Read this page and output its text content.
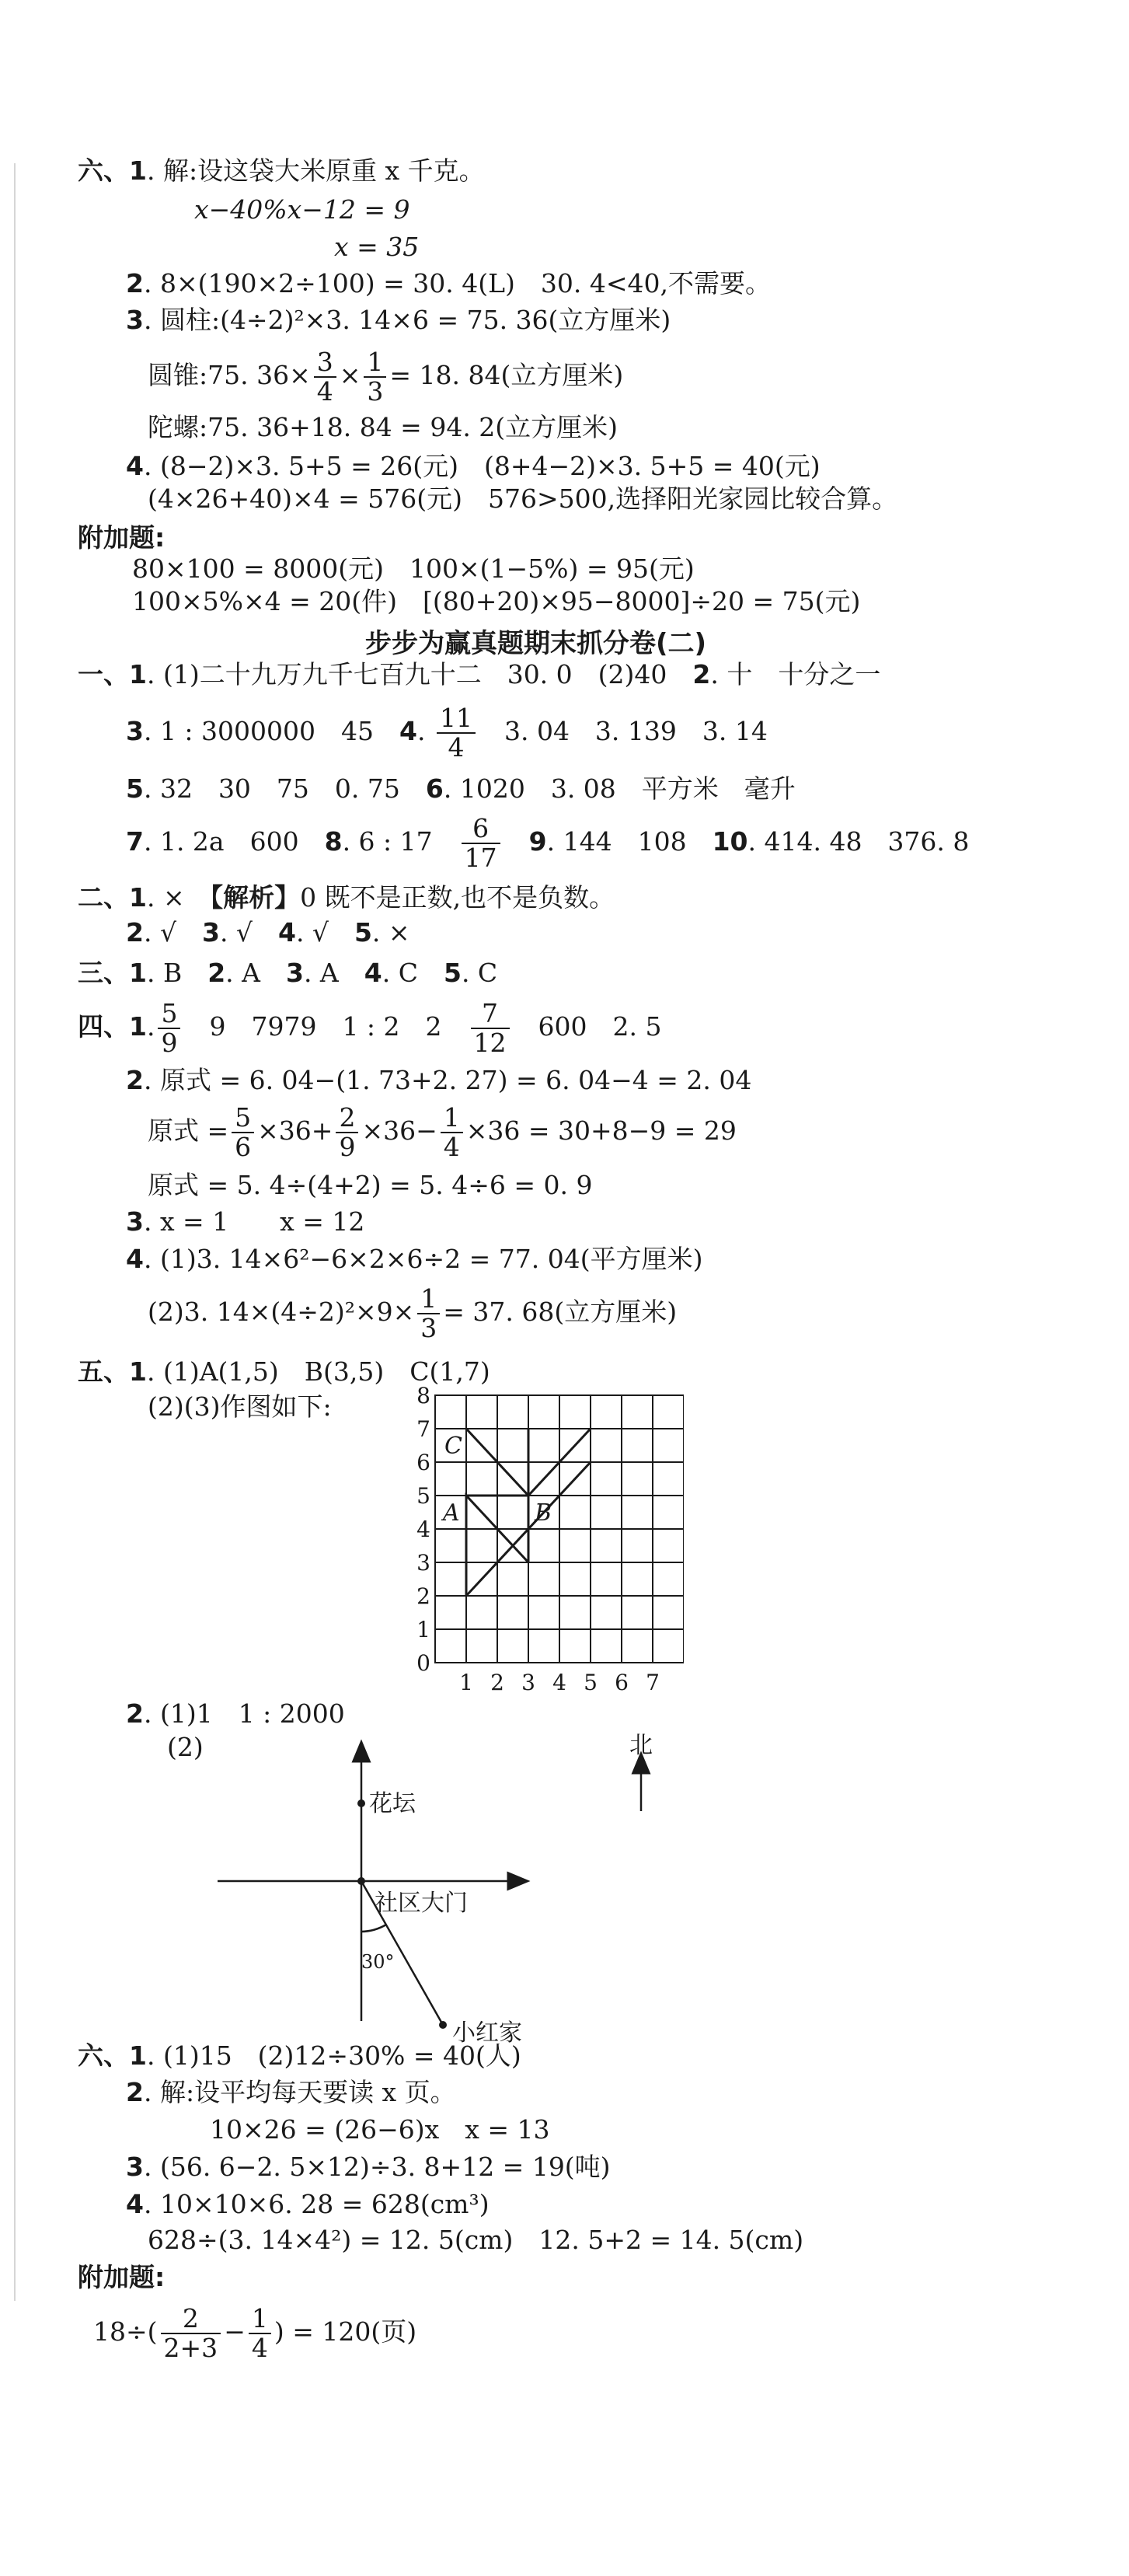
六、1. 解:设这袋大米原重 x 千克。
x−40%x−12 = 9
x = 35
2. 8×(190×2÷100) = 30. 4(L)　30. 4<40,不需要。
3. 圆柱:(4÷2)²×3. 14×6 = 75. 36(立方厘米)
圆锥:75. $36\times \frac{3}{4} \times \frac{1}{3} = 18$. 84(立方厘米)
陀螺:75. 36+18. 84 = 94. 2(立方厘米)
4. (8−2)×3. 5+5 = 26(元)　(8+4−2)×3. 5+5 = 40(元)
(4×26+40)×4 = 576(元)　576>500,选择阳光家园比较合算。
附加题:
80×100 = 8000(元)　100×(1−5%) = 95(元)
100×5%×4 = 20(件)　[(80+20)×95−8000]÷20 = 75(元)
步步为赢真题期末抓分卷(二)
一、1. (1)二十九万九千七百九十二　30. 0　(2)40　2. 十　十分之一
3. 1 : 3000000　45　4. $\frac{11}{4}$
　 3. 04　3. 139　3. 14
5. 32　30　75　0. 75　6. 1020　3. 08　平方米　毫升
7. 1. 2a　600　8. 6 : 17　 $\frac{6}{17}$
　 9. 144　108　10. 414. 48　376. 8
二、1. ×　【解析】0 既不是正数,也不是负数。
2. √　3. √　4. √　5. ×
三、1. B　2. A　3. A　4. C　5. C
四、1. $\frac{5}{9}$
　 9　7979　1 : 2　2　 $\frac{7}{12}$
　 600　2. 5
2. 原式 = 6. 04−(1. 73+2. 27) = 6. 04−4 = 2. 04
原式 = $\frac{5}{6} \times 36+ \frac{2}{9} \times 36- \frac{1}{4} \times 36 = 30+8-9 = 29$
原式 = 5. 4÷(4+2) = 5. 4÷6 = 0. 9
3. x = 1　　x = 12
4. (1)3. 14×6²−6×2×6÷2 = 77. 04(平方厘米)
(2)3. $14\times(4\div 2)^2\times 9\times \frac{1}{3} = 37$. 68(立方厘米)
五、1. (1)A(1,5)　B(3,5)　C(1,7)
(2)(3)作图如下:
0
1
2
3
4
5
6
7
8
1 2 3 4 5 6 7
C
A	B
2. (1)1　1 : 2000
(2)	北
花坛
社区大门
30°
小红家
六、1. (1)15　(2)12÷30% = 40(人)
2. 解:设平均每天要读 x 页。
10×26 = (26−6)x　x = 13
3. (56. 6−2. 5×12)÷3. 8+12 = 19(吨)
4. 10×10×6. 28 = 628(cm³)
628÷(3. 14×4²) = 12. 5(cm)　12. 5+2 = 14. 5(cm)
附加题:
$18\div( \frac{2}{2+3} - \frac{1}{4}$ ) = 120(页)
